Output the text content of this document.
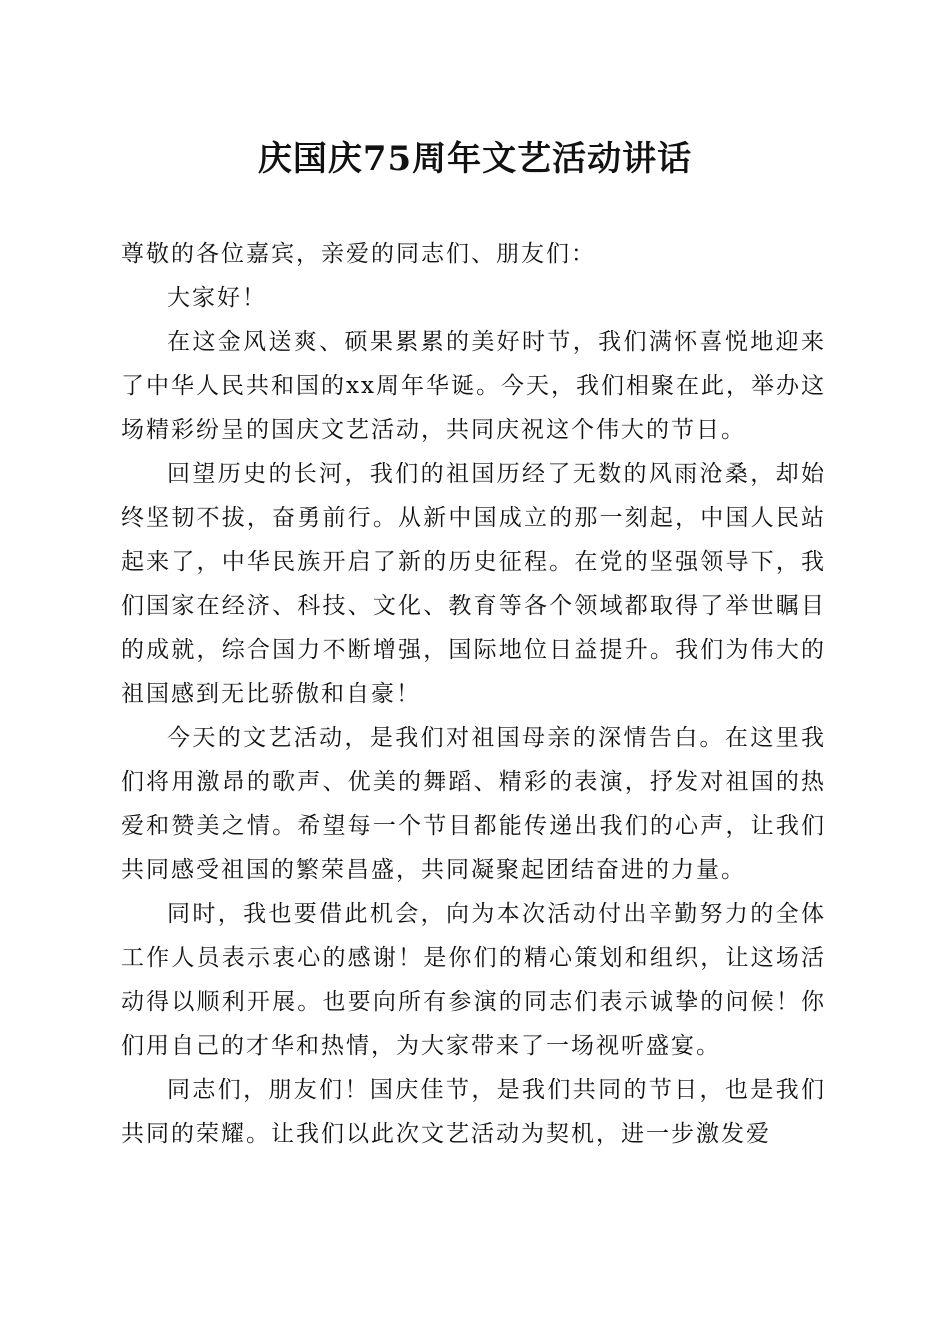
庆国庆75周年文艺活动讲话

尊敬的各位嘉宾，亲爱的同志们、朋友们：

大家好！

在这金风送爽、硕果累累的美好时节，我们满怀喜悦地迎来了中华人民共和国的xx周年华诞。今天，我们相聚在此，举办这场精彩纷呈的国庆文艺活动，共同庆祝这个伟大的节日。

回望历史的长河，我们的祖国历经了无数的风雨沧桑，却始终坚韧不拔，奋勇前行。从新中国成立的那一刻起，中国人民站起来了，中华民族开启了新的历史征程。在党的坚强领导下，我们国家在经济、科技、文化、教育等各个领域都取得了举世瞩目的成就，综合国力不断增强，国际地位日益提升。我们为伟大的祖国感到无比骄傲和自豪！

今天的文艺活动，是我们对祖国母亲的深情告白。在这里我们将用激昂的歌声、优美的舞蹈、精彩的表演，抒发对祖国的热爱和赞美之情。希望每一个节目都能传递出我们的心声，让我们共同感受祖国的繁荣昌盛，共同凝聚起团结奋进的力量。

同时，我也要借此机会，向为本次活动付出辛勤努力的全体工作人员表示衷心的感谢！是你们的精心策划和组织，让这场活动得以顺利开展。也要向所有参演的同志们表示诚挚的问候！你们用自己的才华和热情，为大家带来了一场视听盛宴。

同志们，朋友们！国庆佳节，是我们共同的节日，也是我们共同的荣耀。让我们以此次文艺活动为契机，进一步激发爱
